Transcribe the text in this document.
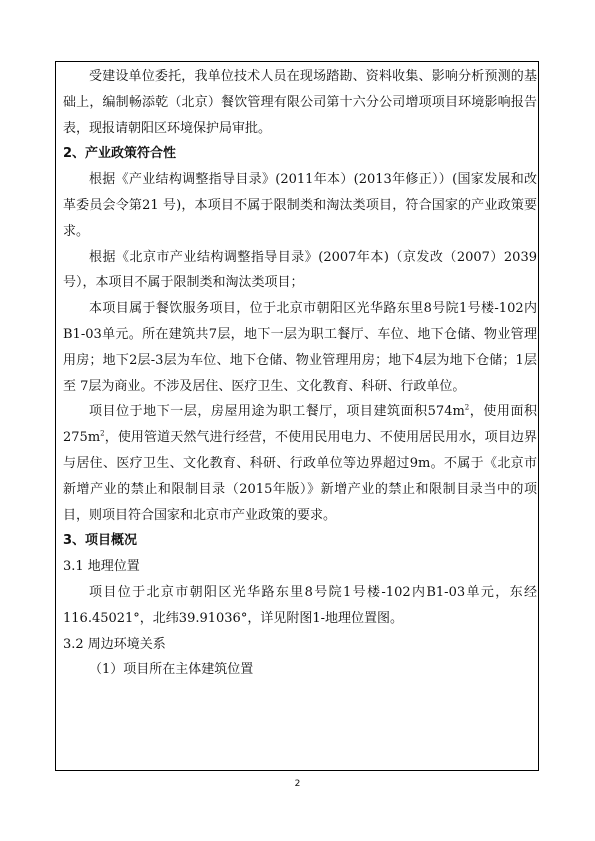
受建设单位委托，我单位技术人员在现场踏勘、资料收集、影响分析预测的基础上，编制畅添乾（北京）餐饮管理有限公司第十六分公司增项项目环境影响报告表，现报请朝阳区环境保护局审批。

2、产业政策符合性

根据《产业结构调整指导目录》(2011年本）(2013年修正））(国家发展和改革委员会令第21 号)，本项目不属于限制类和淘汰类项目，符合国家的产业政策要求。

根据《北京市产业结构调整指导目录》(2007年本)（京发改（2007）2039号），本项目不属于限制类和淘汰类项目；

本项目属于餐饮服务项目，位于北京市朝阳区光华路东里8号院1号楼-102内B1-03单元。所在建筑共7层，地下一层为职工餐厅、车位、地下仓储、物业管理用房；地下2层-3层为车位、地下仓储、物业管理用房；地下4层为地下仓储；1层至 7层为商业。不涉及居住、医疗卫生、文化教育、科研、行政单位。

项目位于地下一层，房屋用途为职工餐厅，项目建筑面积$574m^2$，使用面积$275m^2$，使用管道天然气进行经营，不使用民用电力、不使用居民用水，项目边界与居住、医疗卫生、文化教育、科研、行政单位等边界超过9m。不属于《北京市新增产业的禁止和限制目录（2015年版）》新增产业的禁止和限制目录当中的项目，则项目符合国家和北京市产业政策的要求。

3、项目概况

3.1 地理位置

项目位于北京市朝阳区光华路东里8号院1号楼-102内B1-03单元，东经116.45021°，北纬39.91036°，详见附图1-地理位置图。

3.2 周边环境关系

（1）项目所在主体建筑位置

2
